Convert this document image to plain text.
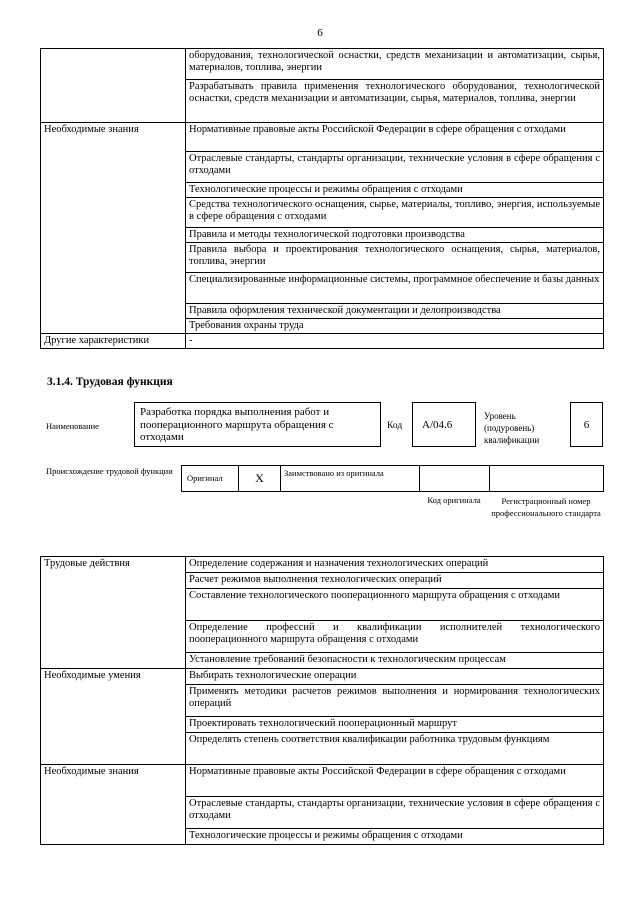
6
	оборудования, технологической оснастки, средств механизации и автоматизации, сырья, материалов, топлива, энергии
	Разрабатывать правила применения технологического оборудования, технологической оснастки, средств механизации и автоматизации, сырья, материалов, топлива, энергии
Необходимые знания	Нормативные правовые акты Российской Федерации в сфере обращения с отходами
	Отраслевые стандарты, стандарты организации, технические условия в сфере обращения с отходами
	Технологические процессы и режимы обращения с отходами
	Средства технологического оснащения, сырье, материалы, топливо, энергия, используемые в сфере обращения с отходами
	Правила и методы технологической подготовки производства
	Правила выбора и проектирования технологического оснащения, сырья, материалов, топлива, энергии
	Специализированные информационные системы, программное обеспечение и базы данных
	Правила оформления технической документации и делопроизводства
	Требования охраны труда
Другие характеристики	-
3.1.4. Трудовая функция
Наименование
Разработка порядка выполнения работ и пооперационного маршрута обращения с отходами
Код А/04.6
Уровень (подуровень) квалификации
6
Происхождение трудовой функции
Оригинал	X	Заимствовано из оригинала		
Код оригинала	Регистрационный номер профессионального стандарта
Трудовые действия	Определение содержания и назначения технологических операций
	Расчет режимов выполнения технологических операций
	Составление технологического пооперационного маршрута обращения с отходами
	Определение профессий и квалификации исполнителей технологического пооперационного маршрута обращения с отходами
	Установление требований безопасности к технологическим процессам
Необходимые умения	Выбирать технологические операции
	Применять методики расчетов режимов выполнения и нормирования технологических операций
	Проектировать технологический пооперационный маршрут
	Определять степень соответствия квалификации работника трудовым функциям
Необходимые знания	Нормативные правовые акты Российской Федерации в сфере обращения с отходами
	Отраслевые стандарты, стандарты организации, технические условия в сфере обращения с отходами
	Технологические процессы и режимы обращения с отходами
